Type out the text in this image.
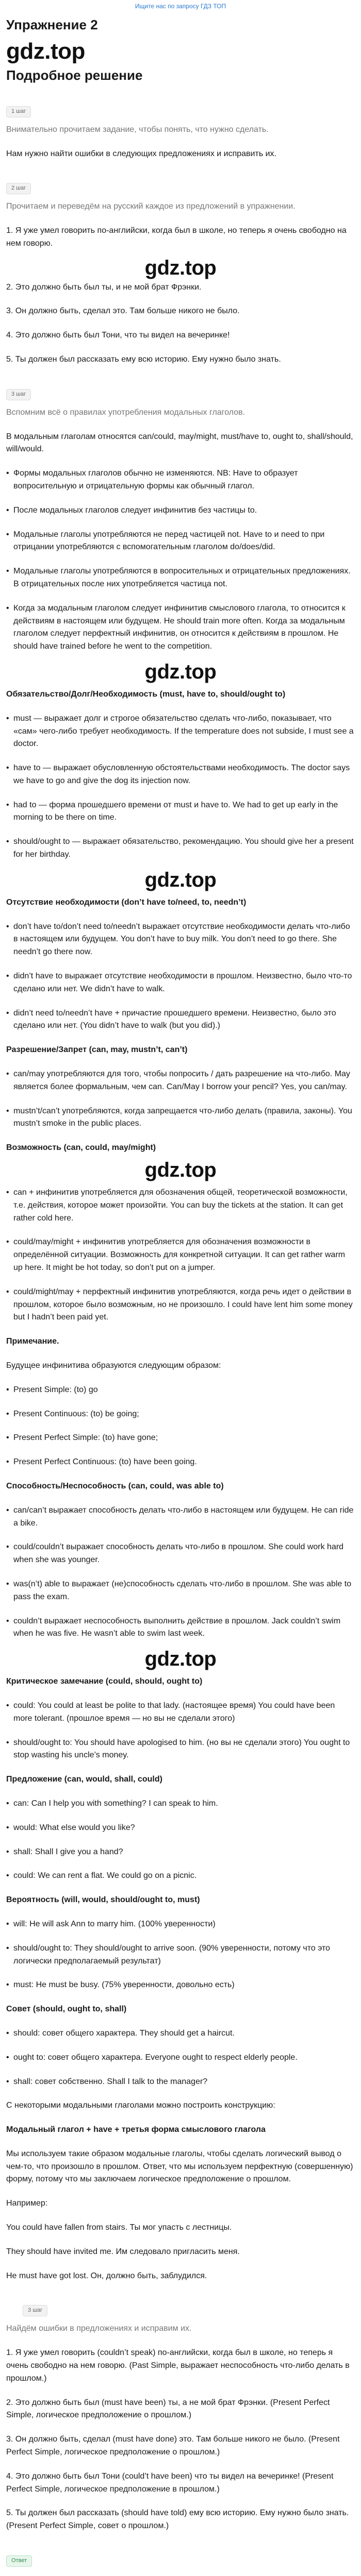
Ищите нас по запросу ГДЗ ТОП
Упражнение 2
gdz.top
Подробное решение
1 шаг
Внимательно прочитаем задание, чтобы понять, что нужно сделать.
Нам нужно найти ошибки в следующих предложениях и исправить их.
2 шаг
Прочитаем и переведём на русский каждое из предложений в упражнении.
1. Я уже умел говорить по-английски, когда был в школе, но теперь я очень свободно на нем говорю.
gdz.top
2. Это должно быть был ты, и не мой брат Фрэнки.
3. Он должно быть, сделал это. Там больше никого не было.
4. Это должно быть был Тони, что ты видел на вечеринке!
5. Ты должен был рассказать ему всю историю. Ему нужно было знать.
3 шаг
Вспомним всё о правилах употребления модальных глаголов.
В модальным глаголам относятся can/could, may/might, must/have to, ought to, shall/should, will/would.
• Формы модальных глаголов обычно не изменяются. NB: Have to образует вопросительную и отрицательную формы как обычный глагол.
• После модальных глаголов следует инфинитив без частицы to.
• Модальные глаголы употребляются не перед частицей not. Have to и need to при отрицании употребляются с вспомогательным глаголом do/does/did.
• Модальные глаголы употребляются в вопросительных и отрицательных предложениях. В отрицательных после них употребляется частица not.
• Когда за модальным глаголом следует инфинитив смыслового глагола, то относится к действиям в настоящем или будущем. He should train more often. Когда за модальным глаголом следует перфектный инфинитив, он относится к действиям в прошлом. He should have trained before he went to the competition.
gdz.top
Обязательство/Долг/Необходимость (must, have to, should/ought to)
• must — выражает долг и строгое обязательство сделать что-либо, показывает, что «сам» чего-либо требует необходимость. If the temperature does not subside, I must see a doctor.
• have to — выражает обусловленную обстоятельствами необходимость. The doctor says we have to go and give the dog its injection now.
• had to — форма прошедшего времени от must и have to. We had to get up early in the morning to be there on time.
• should/ought to — выражает обязательство, рекомендацию. You should give her a present for her birthday.
gdz.top
Отсутствие необходимости (don’t have to/need, to, needn’t)
• don’t have to/don’t need to/needn’t выражает отсутствие необходимости делать что-либо в настоящем или будущем. You don’t have to buy milk. You don’t need to go there. She needn’t go there now.
• didn’t have to выражает отсутствие необходимости в прошлом. Неизвестно, было что-то сделано или нет. We didn’t have to walk.
• didn’t need to/needn’t have + причастие прошедшего времени. Неизвестно, было это сделано или нет. (You didn’t have to walk (but you did).)
Разрешение/Запрет (can, may, mustn’t, can’t)
• can/may употребляются для того, чтобы попросить / дать разрешение на что-либо. May является более формальным, чем can. Can/May I borrow your pencil? Yes, you can/may.
• mustn’t/can’t употребляются, когда запрещается что-либо делать (правила, законы). You mustn’t smoke in the public places.
Возможность (can, could, may/might)
gdz.top
• can + инфинитив употребляется для обозначения общей, теоретической возможности, т.е. действия, которое может произойти. You can buy the tickets at the station. It can get rather cold here.
• could/may/might + инфинитив употребляется для обозначения возможности в определённой ситуации. Возможность для конкретной ситуации. It can get rather warm up here. It might be hot today, so don’t put on a jumper.
• could/might/may + перфектный инфинитив употребляются, когда речь идет о действии в прошлом, которое было возможным, но не произошло. I could have lent him some money but I hadn’t been paid yet.
Примечание.
Будущее инфинитива образуются следующим образом:
• Present Simple: (to) go
• Present Continuous: (to) be going;
• Present Perfect Simple: (to) have gone;
• Present Perfect Continuous: (to) have been going.
Способность/Неспособность (can, could, was able to)
• can/can’t выражает способность делать что-либо в настоящем или будущем. He can ride a bike.
• could/couldn’t выражает способность делать что-либо в прошлом. She could work hard when she was younger.
• was(n’t) able to выражает (не)способность сделать что-либо в прошлом. She was able to pass the exam.
• couldn’t выражает неспособность выполнить действие в прошлом. Jack couldn’t swim when he was five. He wasn’t able to swim last week.
gdz.top
Критическое замечание (could, should, ought to)
• could: You could at least be polite to that lady. (настоящее время) You could have been more tolerant. (прошлое время — но вы не сделали этого)
• should/ought to: You should have apologised to him. (но вы не сделали этого) You ought to stop wasting his uncle’s money.
Предложение (can, would, shall, could)
• can: Can I help you with something? I can speak to him.
• would: What else would you like?
• shall: Shall I give you a hand?
• could: We can rent a flat. We could go on a picnic.
Вероятность (will, would, should/ought to, must)
• will: He will ask Ann to marry him. (100% уверенности)
• should/ought to: They should/ought to arrive soon. (90% уверенности, потому что это логически предполагаемый результат)
• must: He must be busy. (75% уверенности, довольно есть)
Совет (should, ought to, shall)
• should: совет общего характера. They should get a haircut.
• ought to: совет общего характера. Everyone ought to respect elderly people.
• shall: совет собственно. Shall I talk to the manager?
С некоторыми модальными глаголами можно построить конструкцию:
Модальный глагол + have + третья форма смыслового глагола
Мы используем такие образом модальные глаголы, чтобы сделать логический вывод о чем-то, что произошло в прошлом. Ответ, что мы используем перфектную (совершенную) форму, потому что мы заключаем логическое предположение о прошлом.
Например:
You could have fallen from stairs. Ты мог упасть с лестницы.
They should have invited me. Им следовало пригласить меня.
He must have got lost. Он, должно быть, заблудился.
3 шаг
Найдём ошибки в предложениях и исправим их.
1. Я уже умел говорить (couldn’t speak) по-английски, когда был в школе, но теперь я очень свободно на нем говорю. (Past Simple, выражает неспособность что-либо делать в прошлом.)
2. Это должно быть был (must have been) ты, а не мой брат Фрэнки. (Present Perfect Simple, логическое предположение о прошлом.)
3. Он должно быть, сделал (must have done) это. Там больше никого не было. (Present Perfect Simple, логическое предположение о прошлом.)
4. Это должно быть был Тони (could’t have been) что ты видел на вечеринке! (Present Perfect Simple, логическое предположение в прошлом.)
5. Ты должен был рассказать (should have told) ему всю историю. Ему нужно было знать. (Present Perfect Simple, совет о прошлом.)
Ответ
